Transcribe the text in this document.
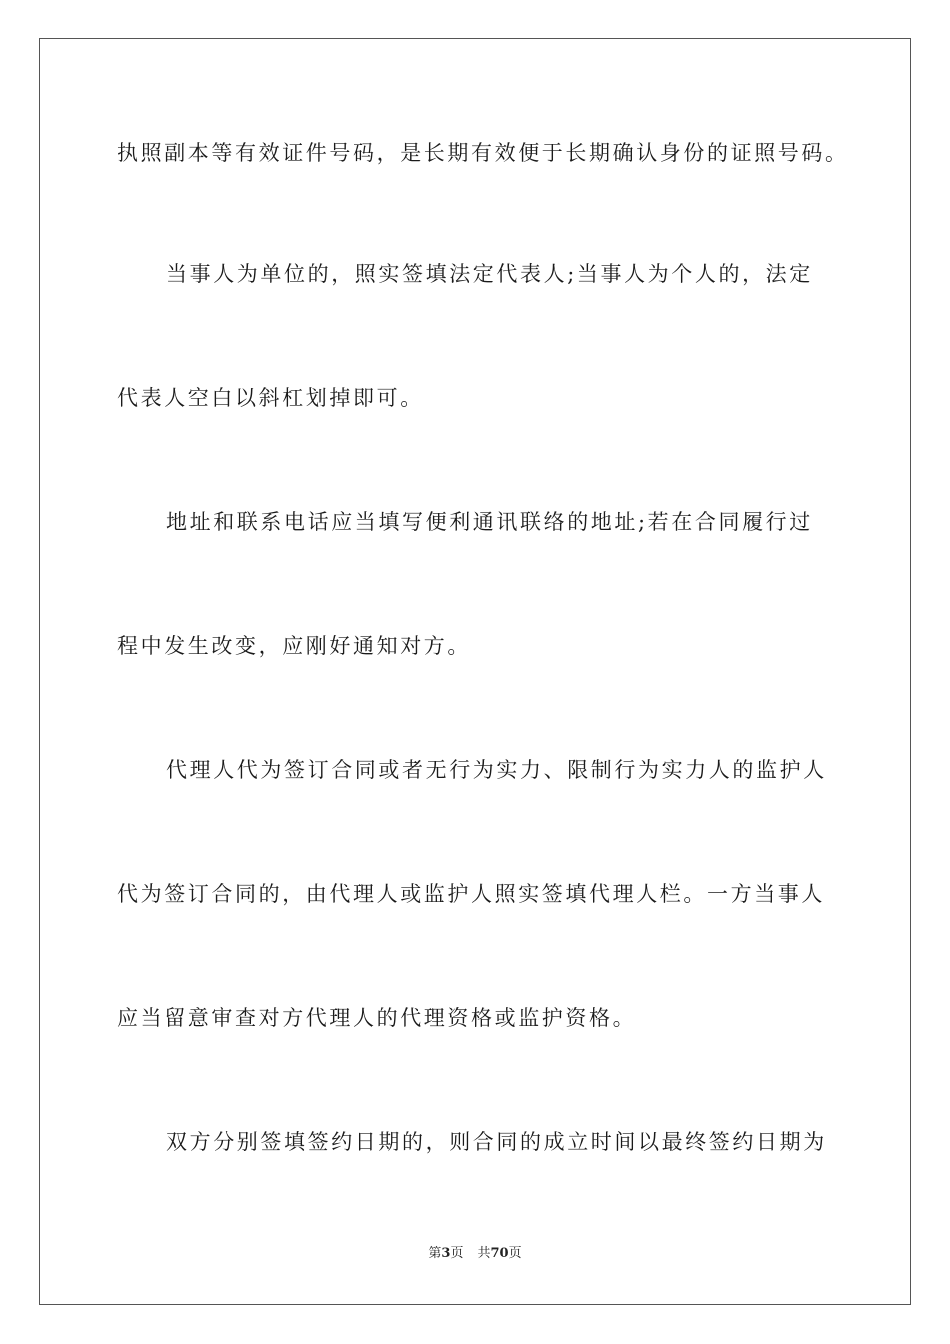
执照副本等有效证件号码，是长期有效便于长期确认身份的证照号码。
当事人为单位的，照实签填法定代表人;当事人为个人的，法定
代表人空白以斜杠划掉即可。
地址和联系电话应当填写便利通讯联络的地址;若在合同履行过
程中发生改变，应刚好通知对方。
代理人代为签订合同或者无行为实力、限制行为实力人的监护人
代为签订合同的，由代理人或监护人照实签填代理人栏。一方当事人
应当留意审查对方代理人的代理资格或监护资格。
双方分别签填签约日期的，则合同的成立时间以最终签约日期为
第3页 共70页
